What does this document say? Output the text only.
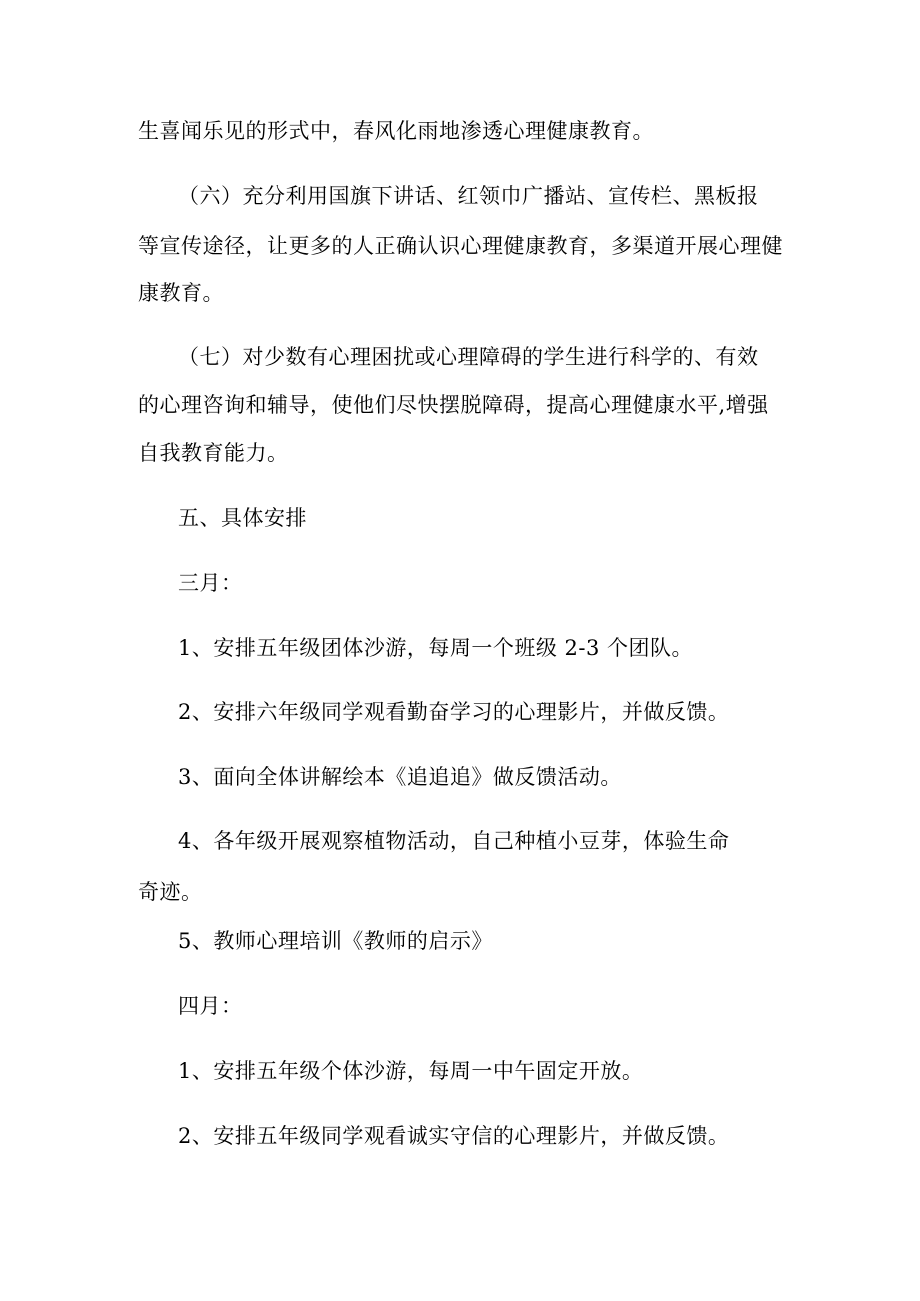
生喜闻乐见的形式中，春风化雨地渗透心理健康教育。
（六）充分利用国旗下讲话、红领巾广播站、宣传栏、黑板报
等宣传途径，让更多的人正确认识心理健康教育，多渠道开展心理健
康教育。
（七）对少数有心理困扰或心理障碍的学生进行科学的、有效
的心理咨询和辅导，使他们尽快摆脱障碍，提高心理健康水平,增强
自我教育能力。
五、具体安排
三月：
1、安排五年级团体沙游，每周一个班级 2-3 个团队。
2、安排六年级同学观看勤奋学习的心理影片，并做反馈。
3、面向全体讲解绘本《追追追》做反馈活动。
4、各年级开展观察植物活动，自己种植小豆芽，体验生命
奇迹。
5、教师心理培训《教师的启示》
四月：
1、安排五年级个体沙游，每周一中午固定开放。
2、安排五年级同学观看诚实守信的心理影片，并做反馈。
